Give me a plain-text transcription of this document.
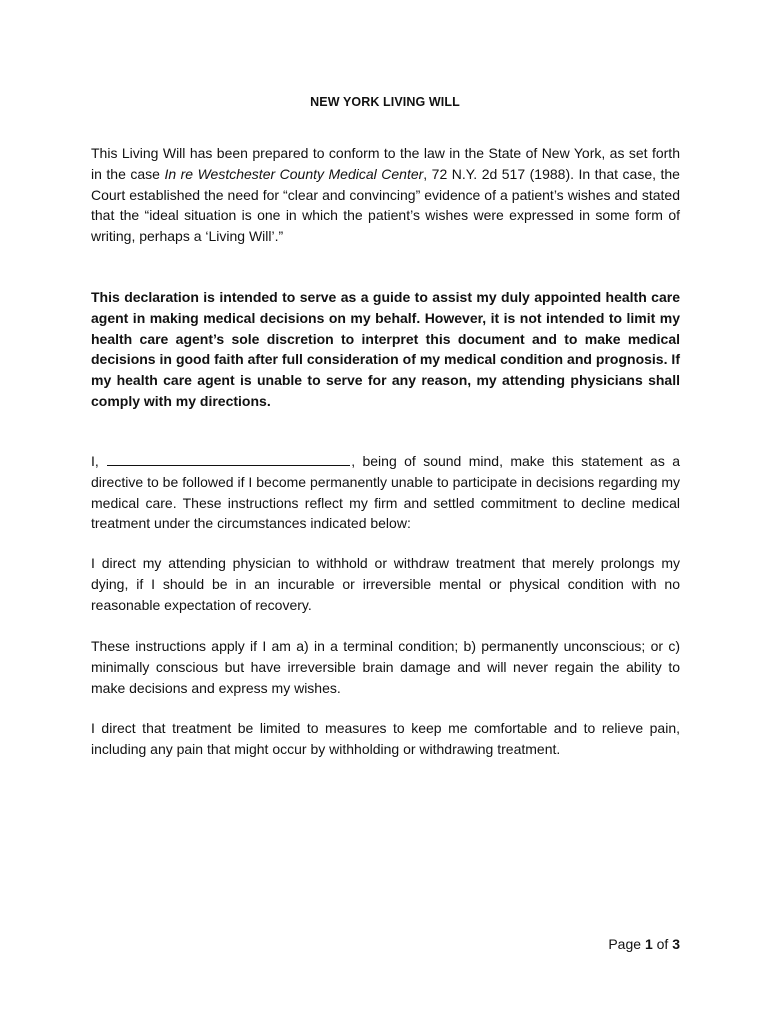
NEW YORK LIVING WILL

This Living Will has been prepared to conform to the law in the State of New York, as set forth in the case In re Westchester County Medical Center, 72 N.Y. 2d 517 (1988). In that case, the Court established the need for “clear and convincing” evidence of a patient’s wishes and stated that the “ideal situation is one in which the patient’s wishes were expressed in some form of writing, perhaps a ‘Living Will’.”

This declaration is intended to serve as a guide to assist my duly appointed health care agent in making medical decisions on my behalf. However, it is not intended to limit my health care agent’s sole discretion to interpret this document and to make medical decisions in good faith after full consideration of my medical condition and prognosis. If my health care agent is unable to serve for any reason, my attending physicians shall comply with my directions.

I,	, being of sound mind, make this statement as a directive to be followed if I become permanently unable to participate in decisions regarding my medical care. These instructions reflect my firm and settled commitment to decline medical treatment under the circumstances indicated below:

I direct my attending physician to withhold or withdraw treatment that merely prolongs my dying, if I should be in an incurable or irreversible mental or physical condition with no reasonable expectation of recovery.

These instructions apply if I am a) in a terminal condition; b) permanently unconscious; or c) minimally conscious but have irreversible brain damage and will never regain the ability to make decisions and express my wishes.

I direct that treatment be limited to measures to keep me comfortable and to relieve pain, including any pain that might occur by withholding or withdrawing treatment.

Page 1 of 3
